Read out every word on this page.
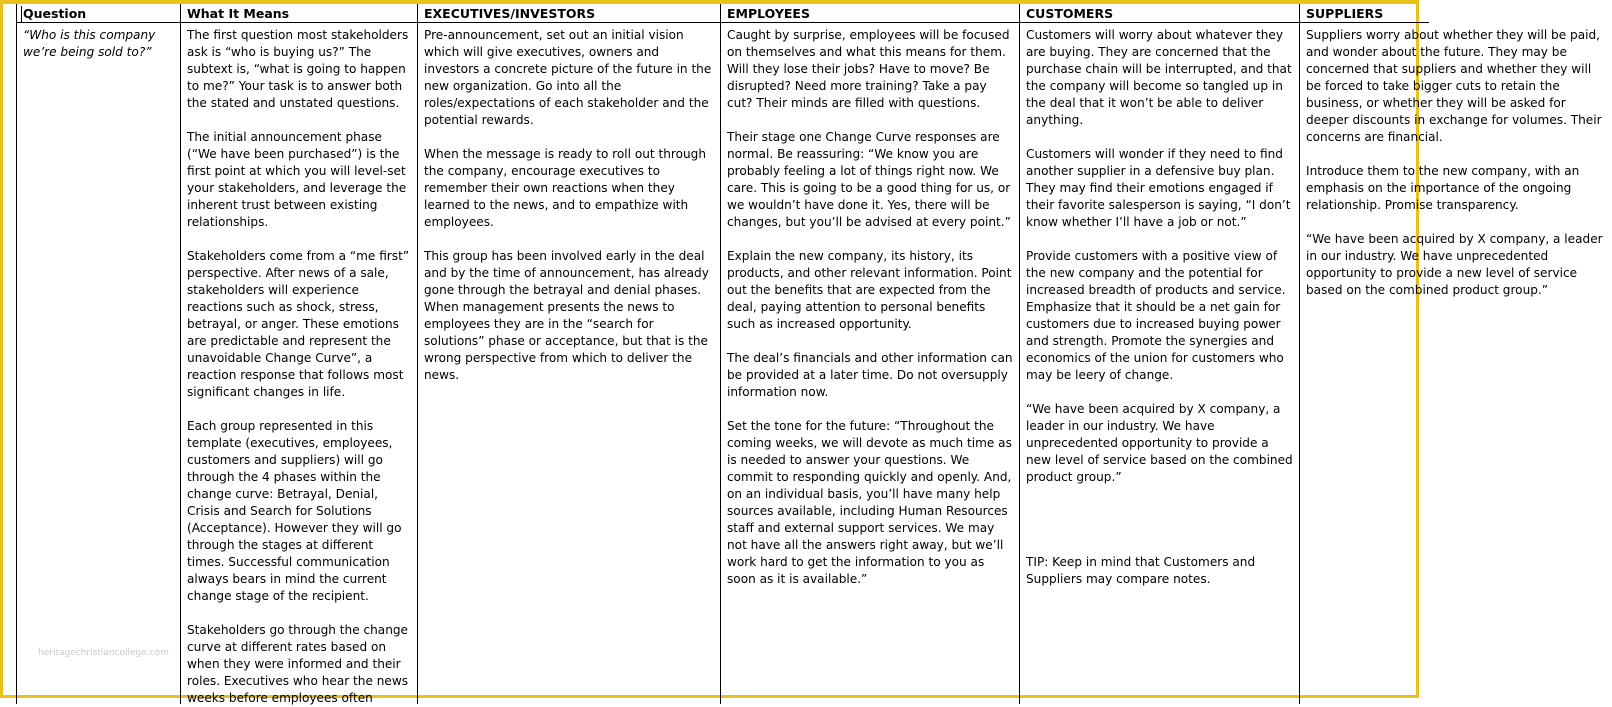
Question

“Who is this company we’re being sold to?”

What It Means

The first question most stakeholders ask is “who is buying us?” The subtext is, “what is going to happen to me?” Your task is to answer both the stated and unstated questions.

The initial announcement phase (“We have been purchased”) is the first point at which you will level-set your stakeholders, and leverage the inherent trust between existing relationships.

Stakeholders come from a “me first” perspective. After news of a sale, stakeholders will experience reactions such as shock, stress, betrayal, or anger. These emotions are predictable and represent the unavoidable Change Curve”, a reaction response that follows most significant changes in life.

Each group represented in this template (executives, employees, customers and suppliers) will go through the 4 phases within the change curve: Betrayal, Denial, Crisis and Search for Solutions (Acceptance). However they will go through the stages at different times. Successful communication always bears in mind the current change stage of the recipient.

Stakeholders go through the change curve at different rates based on when they were informed and their roles. Executives who hear the news weeks before employees often

EXECUTIVES/INVESTORS

Pre-announcement, set out an initial vision which will give executives, owners and investors a concrete picture of the future in the new organization. Go into all the roles/expectations of each stakeholder and the potential rewards.

When the message is ready to roll out through the company, encourage executives to remember their own reactions when they learned to the news, and to empathize with employees.

This group has been involved early in the deal and by the time of announcement, has already gone through the betrayal and denial phases. When management presents the news to employees they are in the “search for solutions” phase or acceptance, but that is the wrong perspective from which to deliver the news.

EMPLOYEES

Caught by surprise, employees will be focused on themselves and what this means for them. Will they lose their jobs? Have to move? Be disrupted? Need more training? Take a pay cut? Their minds are filled with questions.

Their stage one Change Curve responses are normal. Be reassuring: “We know you are probably feeling a lot of things right now. We care. This is going to be a good thing for us, or we wouldn’t have done it. Yes, there will be changes, but you’ll be advised at every point.”

Explain the new company, its history, its products, and other relevant information. Point out the benefits that are expected from the deal, paying attention to personal benefits such as increased opportunity.

The deal’s financials and other information can be provided at a later time. Do not oversupply information now.

Set the tone for the future: “Throughout the coming weeks, we will devote as much time as is needed to answer your questions. We commit to responding quickly and openly. And, on an individual basis, you’ll have many help sources available, including Human Resources staff and external support services. We may not have all the answers right away, but we’ll work hard to get the information to you as soon as it is available.”

CUSTOMERS

Customers will worry about whatever they are buying. They are concerned that the purchase chain will be interrupted, and that the company will become so tangled up in the deal that it won’t be able to deliver anything.

Customers will wonder if they need to find another supplier in a defensive buy plan. They may find their emotions engaged if their favorite salesperson is saying, “I don’t know whether I’ll have a job or not.”

Provide customers with a positive view of the new company and the potential for increased breadth of products and service. Emphasize that it should be a net gain for customers due to increased buying power and strength. Promote the synergies and economics of the union for customers who may be leery of change.

“We have been acquired by X company, a leader in our industry. We have unprecedented opportunity to provide a new level of service based on the combined product group.”

TIP: Keep in mind that Customers and Suppliers may compare notes.

SUPPLIERS

Suppliers worry about whether they will be paid, and wonder about the future. They may be concerned that suppliers and whether they will be forced to take bigger cuts to retain the business, or whether they will be asked for deeper discounts in exchange for volumes. Their concerns are financial.

Introduce them to the new company, with an emphasis on the importance of the ongoing relationship. Promise transparency.

“We have been acquired by X company, a leader in our industry. We have unprecedented opportunity to provide a new level of service based on the combined product group.”

heritagechristiancollege.com
